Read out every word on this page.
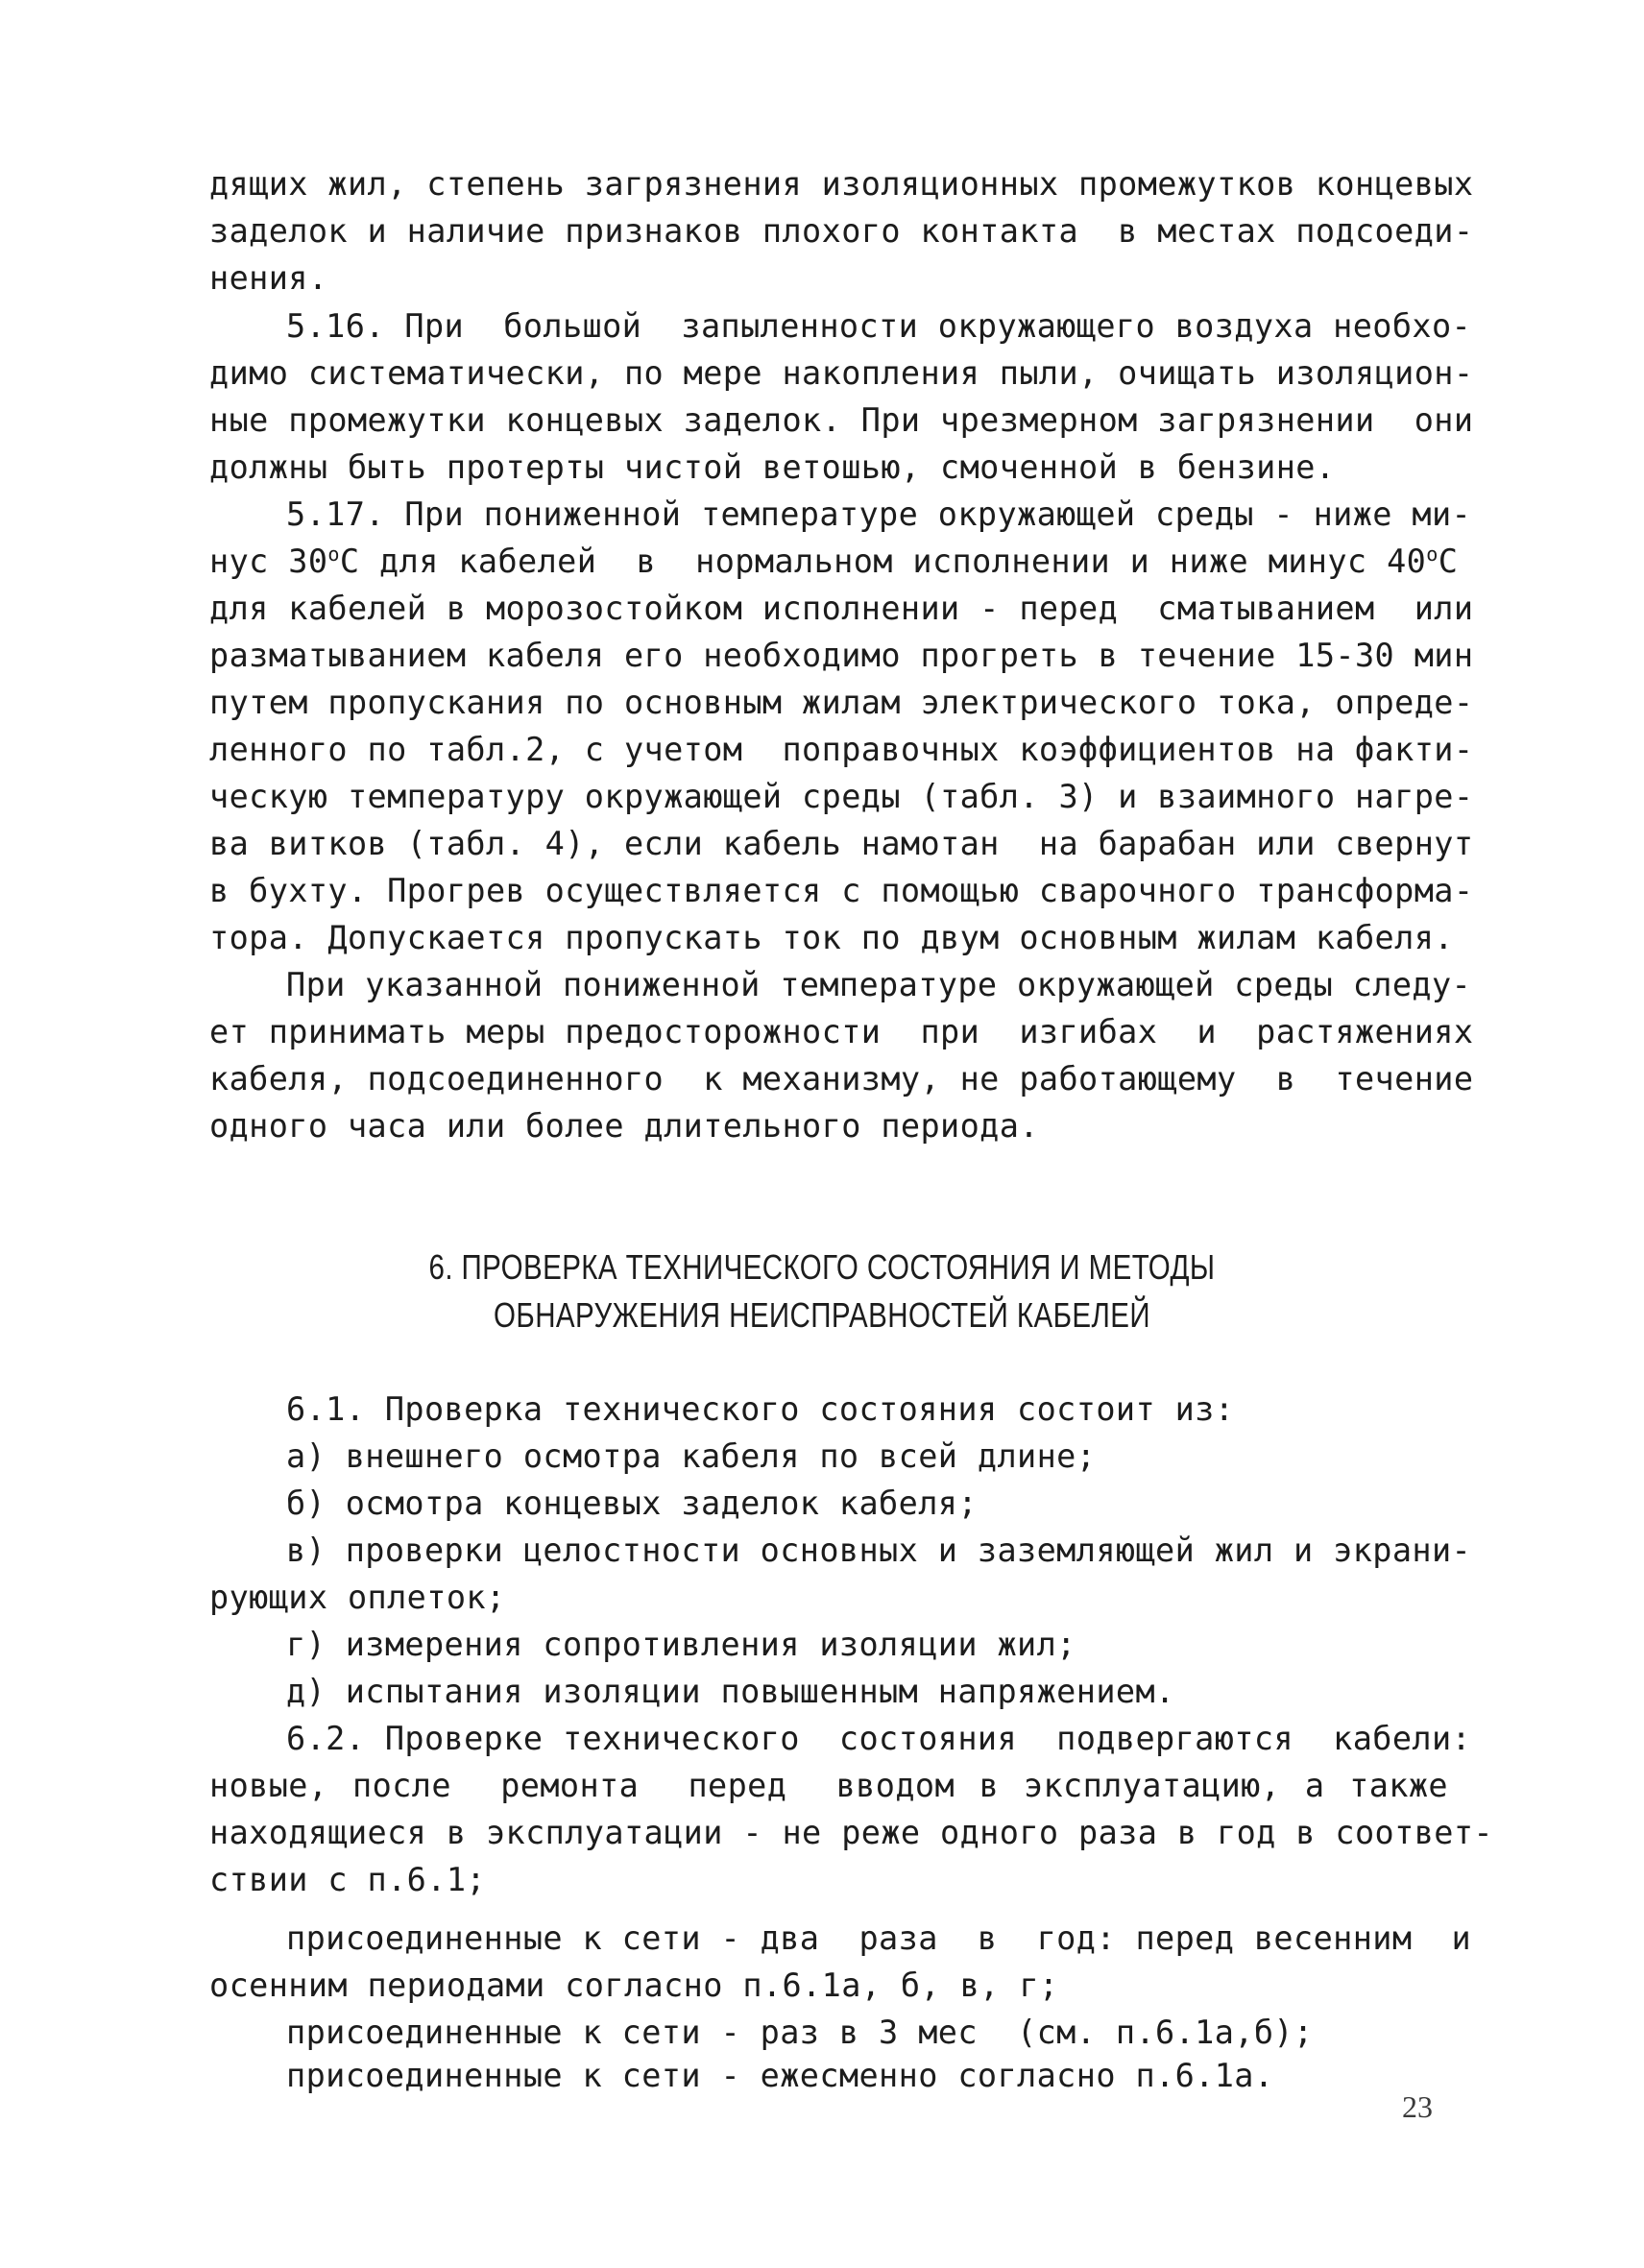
дящих жил, степень загрязнения изоляционных промежутков концевых
заделок и наличие признаков плохого контакта  в местах подсоеди-
нения.
5.16. При  большой  запыленности окружающего воздуха необхо-
димо систематически, по мере накопления пыли, очищать изоляцион-
ные промежутки концевых заделок. При чрезмерном загрязнении  они
должны быть протерты чистой ветошью, смоченной в бензине.
5.17. При пониженной температуре окружающей среды - ниже ми-
нус $30^оС$ для кабелей  в  нормальном исполнении и ниже минус $40^оС$
для кабелей в морозостойком исполнении - перед  сматыванием  или
разматыванием кабеля его необходимо прогреть в течение 15-30 мин
путем пропускания по основным жилам электрического тока, опреде-
ленного по табл.2, с учетом  поправочных коэффициентов на факти-
ческую температуру окружающей среды (табл. 3) и взаимного нагре-
ва витков (табл. 4), если кабель намотан  на барабан или свернут
в бухту. Прогрев осуществляется с помощью сварочного трансформа-
тора. Допускается пропускать ток по двум основным жилам кабеля.
При указанной пониженной температуре окружающей среды следу-
ет принимать меры предосторожности  при  изгибах  и  растяжениях
кабеля, подсоединенного  к механизму, не работающему  в  течение
одного часа или более длительного периода.
6. ПРОВЕРКА ТЕХНИЧЕСКОГО СОСТОЯНИЯ И МЕТОДЫ
ОБНАРУЖЕНИЯ НЕИСПРАВНОСТЕЙ КАБЕЛЕЙ
6.1. Проверка технического состояния состоит из:
а) внешнего осмотра кабеля по всей длине;
б) осмотра концевых заделок кабеля;
в) проверки целостности основных и заземляющей жил и экрани-
рующих оплеток;
г) измерения сопротивления изоляции жил;
д) испытания изоляции повышенным напряжением.
6.2. Проверке технического  состояния  подвергаются  кабели:
новые, после  ремонта  перед  вводом в эксплуатацию, а также
находящиеся в эксплуатации - не реже одного раза в год в соответ-
ствии с п.6.1;
присоединенные к сети - два  раза  в  год: перед весенним  и
осенним периодами согласно п.6.1а, б, в, г;
присоединенные к сети - раз в 3 мес  (см. п.6.1а,б);
присоединенные к сети - ежесменно согласно п.6.1а.
23
